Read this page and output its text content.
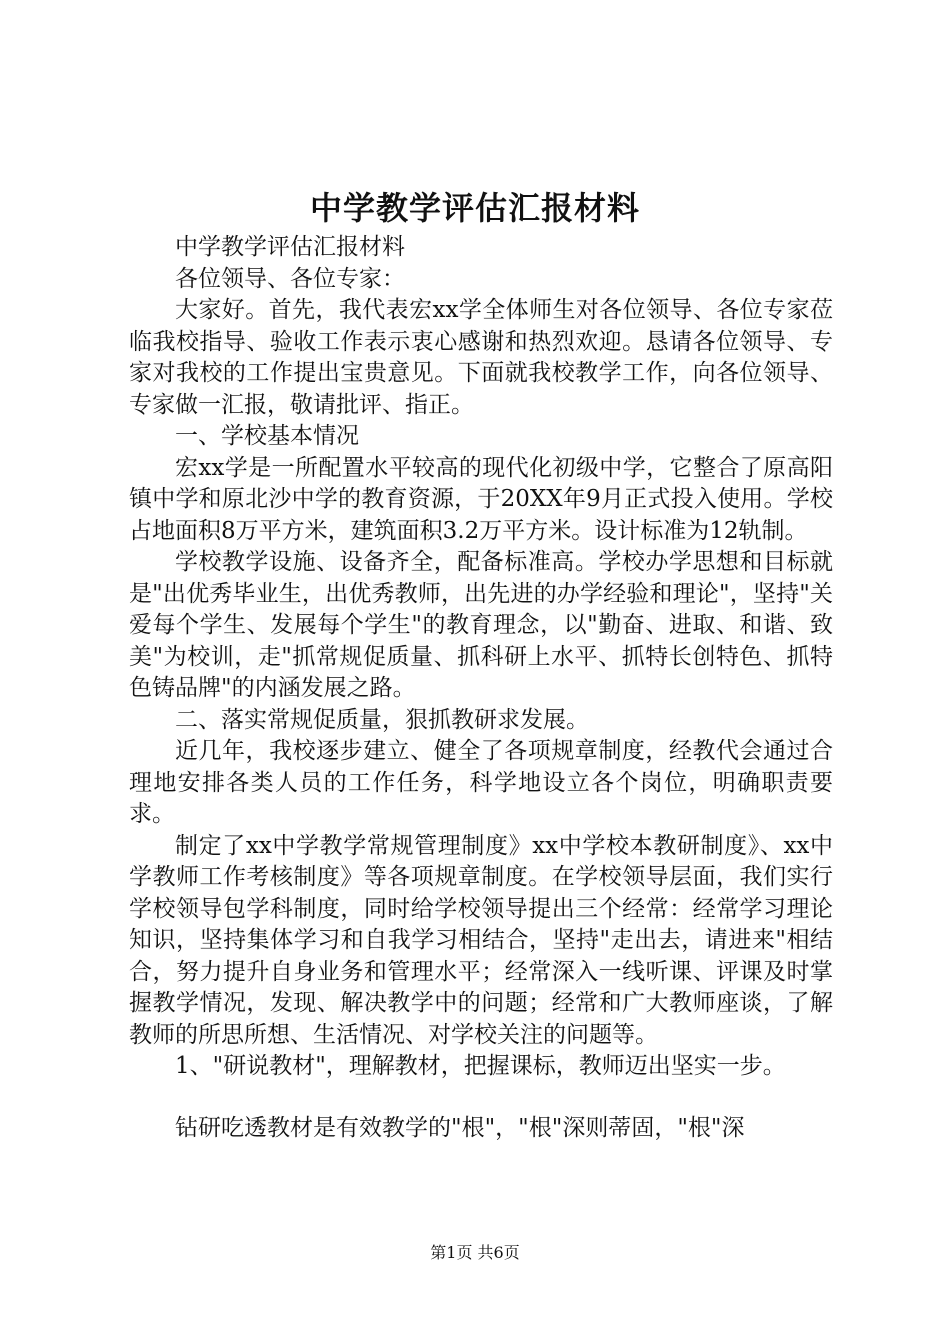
中学教学评估汇报材料

中学教学评估汇报材料

各位领导、各位专家：

大家好。首先，我代表宏xx学全体师生对各位领导、各位专家莅临我校指导、验收工作表示衷心感谢和热烈欢迎。恳请各位领导、专家对我校的工作提出宝贵意见。下面就我校教学工作，向各位领导、专家做一汇报，敬请批评、指正。

一、学校基本情况

宏xx学是一所配置水平较高的现代化初级中学，它整合了原高阳镇中学和原北沙中学的教育资源，于20XX年9月正式投入使用。学校占地面积8万平方米，建筑面积3.2万平方米。设计标准为12轨制。

学校教学设施、设备齐全，配备标准高。学校办学思想和目标就是"出优秀毕业生，出优秀教师，出先进的办学经验和理论"，坚持"关爱每个学生、发展每个学生"的教育理念，以"勤奋、进取、和谐、致美"为校训，走"抓常规促质量、抓科研上水平、抓特长创特色、抓特色铸品牌"的内涵发展之路。

二、落实常规促质量，狠抓教研求发展。

近几年，我校逐步建立、健全了各项规章制度，经教代会通过合理地安排各类人员的工作任务，科学地设立各个岗位，明确职责要求。

制定了xx中学教学常规管理制度》xx中学校本教研制度》、xx中学教师工作考核制度》等各项规章制度。在学校领导层面，我们实行学校领导包学科制度，同时给学校领导提出三个经常：经常学习理论知识，坚持集体学习和自我学习相结合，坚持"走出去，请进来"相结合，努力提升自身业务和管理水平；经常深入一线听课、评课及时掌握教学情况，发现、解决教学中的问题；经常和广大教师座谈，了解教师的所思所想、生活情况、对学校关注的问题等。

1、"研说教材"，理解教材，把握课标，教师迈出坚实一步。

钻研吃透教材是有效教学的"根"，"根"深则蒂固，"根"深

第1页 共6页
